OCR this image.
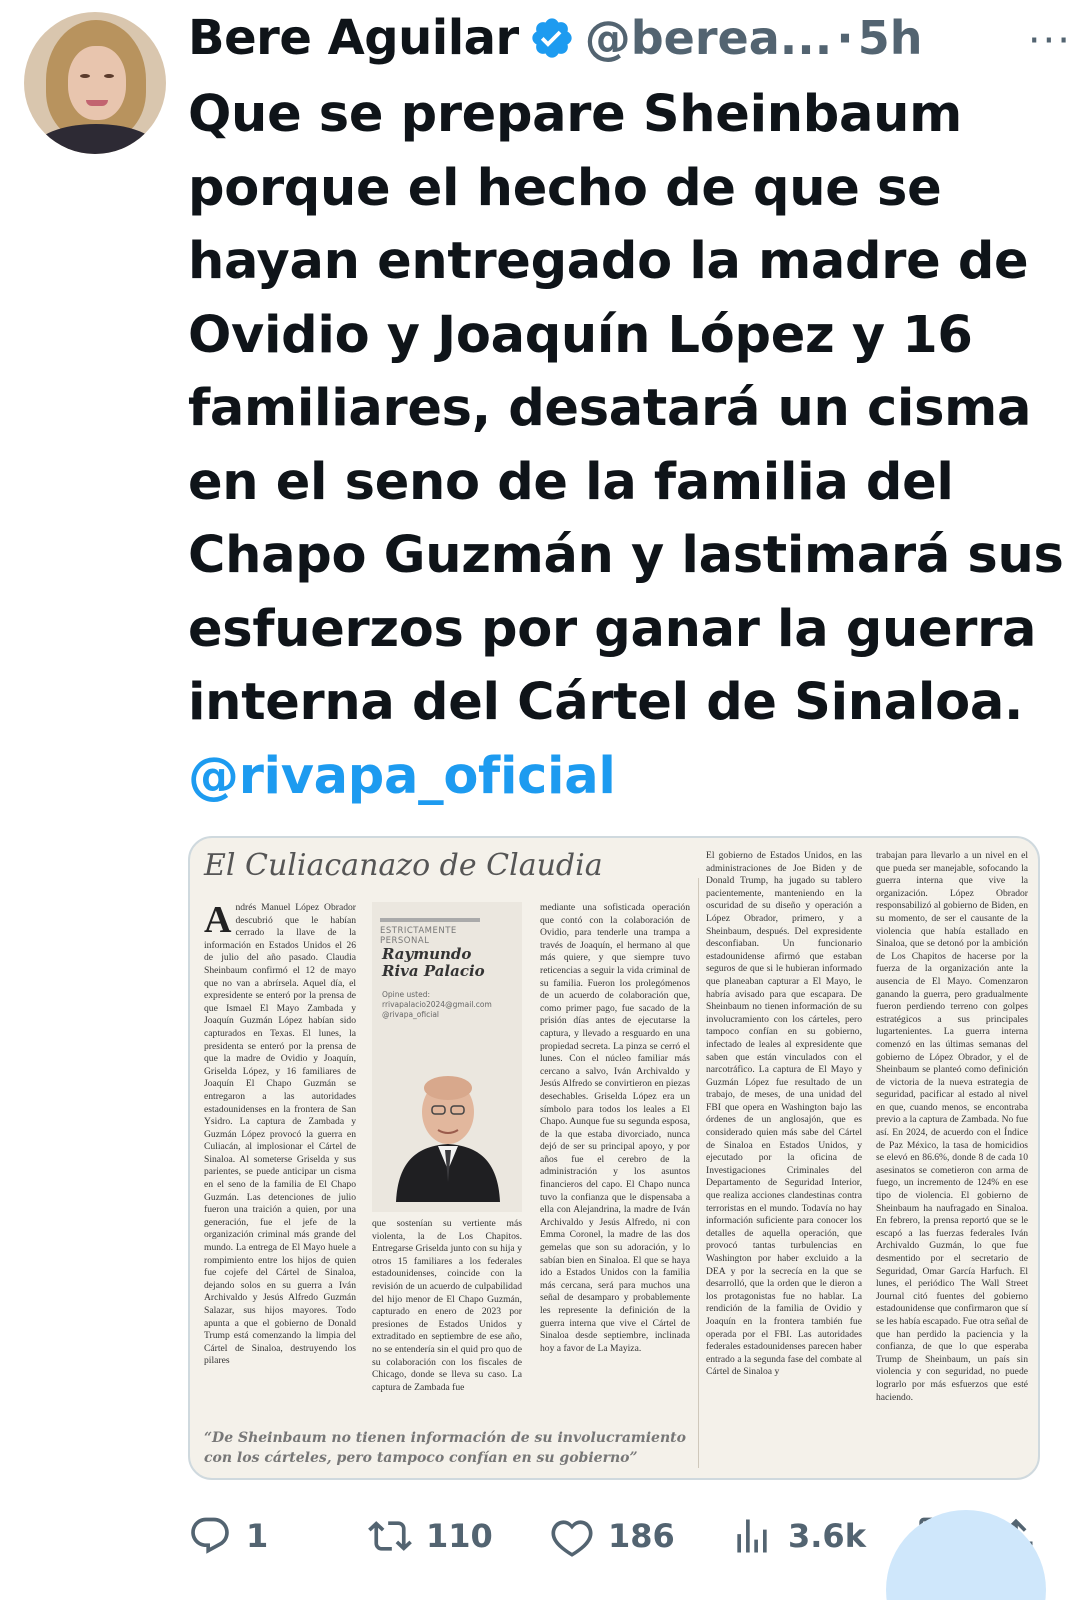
Bere Aguilar @berea... · 5h	···
Que se prepare Sheinbaum
porque el hecho de que se
hayan entregado la madre de
Ovidio y Joaquín López y 16
familiares, desatará un cisma
en el seno de la familia del
Chapo Guzmán y lastimará sus
esfuerzos por ganar la guerra
interna del Cártel de Sinaloa.
@rivapa_oficial
El Culiacanazo de Claudia
A ndrés Manuel López Obrador descubrió que le habían cerrado la llave de la información en Estados Unidos el 26 de julio del año pasado. Claudia Sheinbaum confirmó el 12 de mayo que no van a abrírsela. Aquel día, el expresidente se enteró por la prensa de que Ismael El Mayo Zambada y Joaquín Guzmán López habían sido capturados en Texas. El lunes, la presidenta se enteró por la prensa de que la madre de Ovidio y Joaquín, Griselda López, y 16 familiares de Joaquín El Chapo Guzmán se entregaron a las autoridades estadounidenses en la frontera de San Ysidro. La captura de Zambada y Guzmán López provocó la guerra en Culiacán, al implosionar el Cártel de Sinaloa. Al someterse Griselda y sus parientes, se puede anticipar un cisma en el seno de la familia de El Chapo Guzmán. Las detenciones de julio fueron una traición a quien, por una generación, fue el jefe de la organización criminal más grande del mundo. La entrega de El Mayo huele a rompimiento entre los hijos de quien fue cojefe del Cártel de Sinaloa, dejando solos en su guerra a Iván Archivaldo y Jesús Alfredo Guzmán Salazar, sus hijos mayores. Todo apunta a que el gobierno de Donald Trump está comenzando la limpia del Cártel de Sinaloa, destruyendo los pilares
ESTRICTAMENTE PERSONAL
Raymundo Riva Palacio
Opine usted:
rrivapalacio2024@gmail.com
@rivapa_oficial
que sostenían su vertiente más violenta, la de Los Chapitos. Entregarse Griselda junto con su hija y otros 15 familiares a los federales estadounidenses, coincide con la revisión de un acuerdo de culpabilidad del hijo menor de El Chapo Guzmán, capturado en enero de 2023 por presiones de Estados Unidos y extraditado en septiembre de ese año, no se entendería sin el quid pro quo de su colaboración con los fiscales de Chicago, donde se lleva su caso. La captura de Zambada fue
mediante una sofisticada operación que contó con la colaboración de Ovidio, para tenderle una trampa a través de Joaquín, el hermano al que más quiere, y que siempre tuvo reticencias a seguir la vida criminal de su familia. Fueron los prolegómenos de un acuerdo de colaboración que, como primer pago, fue sacado de la prisión días antes de ejecutarse la captura, y llevado a resguardo en una propiedad secreta. La pinza se cerró el lunes. Con el núcleo familiar más cercano a salvo, Iván Archivaldo y Jesús Alfredo se convirtieron en piezas desechables. Griselda López era un símbolo para todos los leales a El Chapo. Aunque fue su segunda esposa, de la que estaba divorciado, nunca dejó de ser su principal apoyo, y por años fue el cerebro de la administración y los asuntos financieros del capo. El Chapo nunca tuvo la confianza que le dispensaba a ella con Alejandrina, la madre de Iván Archivaldo y Jesús Alfredo, ni con Emma Coronel, la madre de las dos gemelas que son su adoración, y lo sabían bien en Sinaloa. El que se haya ido a Estados Unidos con la familia más cercana, será para muchos una señal de desamparo y probablemente les represente la definición de la guerra interna que vive el Cártel de Sinaloa desde septiembre, inclinada hoy a favor de La Mayiza.
El gobierno de Estados Unidos, en las administraciones de Joe Biden y de Donald Trump, ha jugado su tablero pacientemente, manteniendo en la oscuridad de su diseño y operación a López Obrador, primero, y a Sheinbaum, después. Del expresidente desconfiaban. Un funcionario estadounidense afirmó que estaban seguros de que si le hubieran informado que planeaban capturar a El Mayo, le habría avisado para que escapara. De Sheinbaum no tienen información de su involucramiento con los cárteles, pero tampoco confían en su gobierno, infectado de leales al expresidente que saben que están vinculados con el narcotráfico. La captura de El Mayo y Guzmán López fue resultado de un trabajo, de meses, de una unidad del FBI que opera en Washington bajo las órdenes de un anglosajón, que es considerado quien más sabe del Cártel de Sinaloa en Estados Unidos, y ejecutado por la oficina de Investigaciones Criminales del Departamento de Seguridad Interior, que realiza acciones clandestinas contra terroristas en el mundo. Todavía no hay información suficiente para conocer los detalles de aquella operación, que provocó tantas turbulencias en Washington por haber excluido a la DEA y por la secrecía en la que se desarrolló, que la orden que le dieron a los protagonistas fue no hablar. La rendición de la familia de Ovidio y Joaquín en la frontera también fue operada por el FBI. Las autoridades federales estadounidenses parecen haber entrado a la segunda fase del combate al Cártel de Sinaloa y
trabajan para llevarlo a un nivel en el que pueda ser manejable, sofocando la guerra interna que vive la organización. López Obrador responsabilizó al gobierno de Biden, en su momento, de ser el causante de la violencia que había estallado en Sinaloa, que se detonó por la ambición de Los Chapitos de hacerse por la fuerza de la organización ante la ausencia de El Mayo. Comenzaron ganando la guerra, pero gradualmente fueron perdiendo terreno con golpes estratégicos a sus principales lugartenientes. La guerra interna comenzó en las últimas semanas del gobierno de López Obrador, y el de Sheinbaum se planteó como definición de victoria de la nueva estrategia de seguridad, pacificar al estado al nivel en que, cuando menos, se encontraba previo a la captura de Zambada. No fue así. En 2024, de acuerdo con el Índice de Paz México, la tasa de homicidios se elevó en 86.6%, donde 8 de cada 10 asesinatos se cometieron con arma de fuego, un incremento de 124% en ese tipo de violencia. El gobierno de Sheinbaum ha naufragado en Sinaloa. En febrero, la prensa reportó que se le escapó a las fuerzas federales Iván Archivaldo Guzmán, lo que fue desmentido por el secretario de Seguridad, Omar García Harfuch. El lunes, el periódico The Wall Street Journal citó fuentes del gobierno estadounidense que confirmaron que sí se les había escapado. Fue otra señal de que han perdido la paciencia y la confianza, de que lo que esperaba Trump de Sheinbaum, un país sin violencia y con seguridad, no puede lograrlo por más esfuerzos que esté haciendo.
“De Sheinbaum no tienen información de su involucramiento con los cárteles, pero tampoco confían en su gobierno”
1	110	186	3.6k
